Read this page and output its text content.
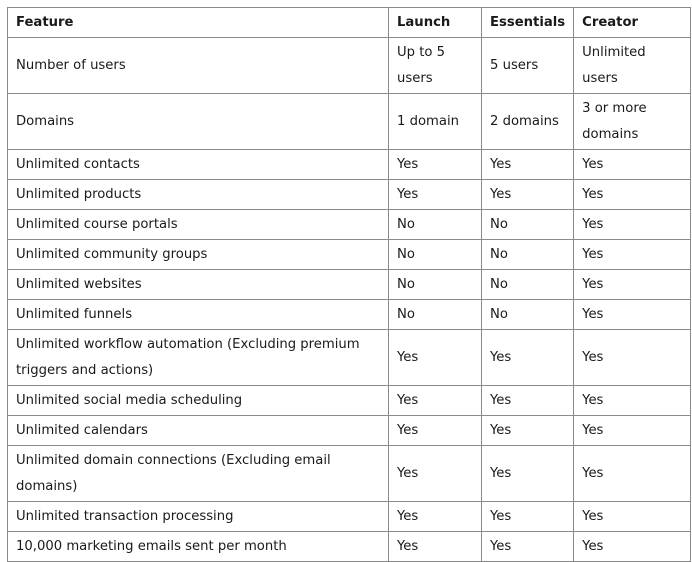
Feature	Launch	Essentials	Creator
Number of users	Up to 5 users	5 users	Unlimited users
Domains	1 domain	2 domains	3 or more domains
Unlimited contacts	Yes	Yes	Yes
Unlimited products	Yes	Yes	Yes
Unlimited course portals	No	No	Yes
Unlimited community groups	No	No	Yes
Unlimited websites	No	No	Yes
Unlimited funnels	No	No	Yes
Unlimited workflow automation (Excluding premium triggers and actions)	Yes	Yes	Yes
Unlimited social media scheduling	Yes	Yes	Yes
Unlimited calendars	Yes	Yes	Yes
Unlimited domain connections (Excluding email domains)	Yes	Yes	Yes
Unlimited transaction processing	Yes	Yes	Yes
10,000 marketing emails sent per month	Yes	Yes	Yes
